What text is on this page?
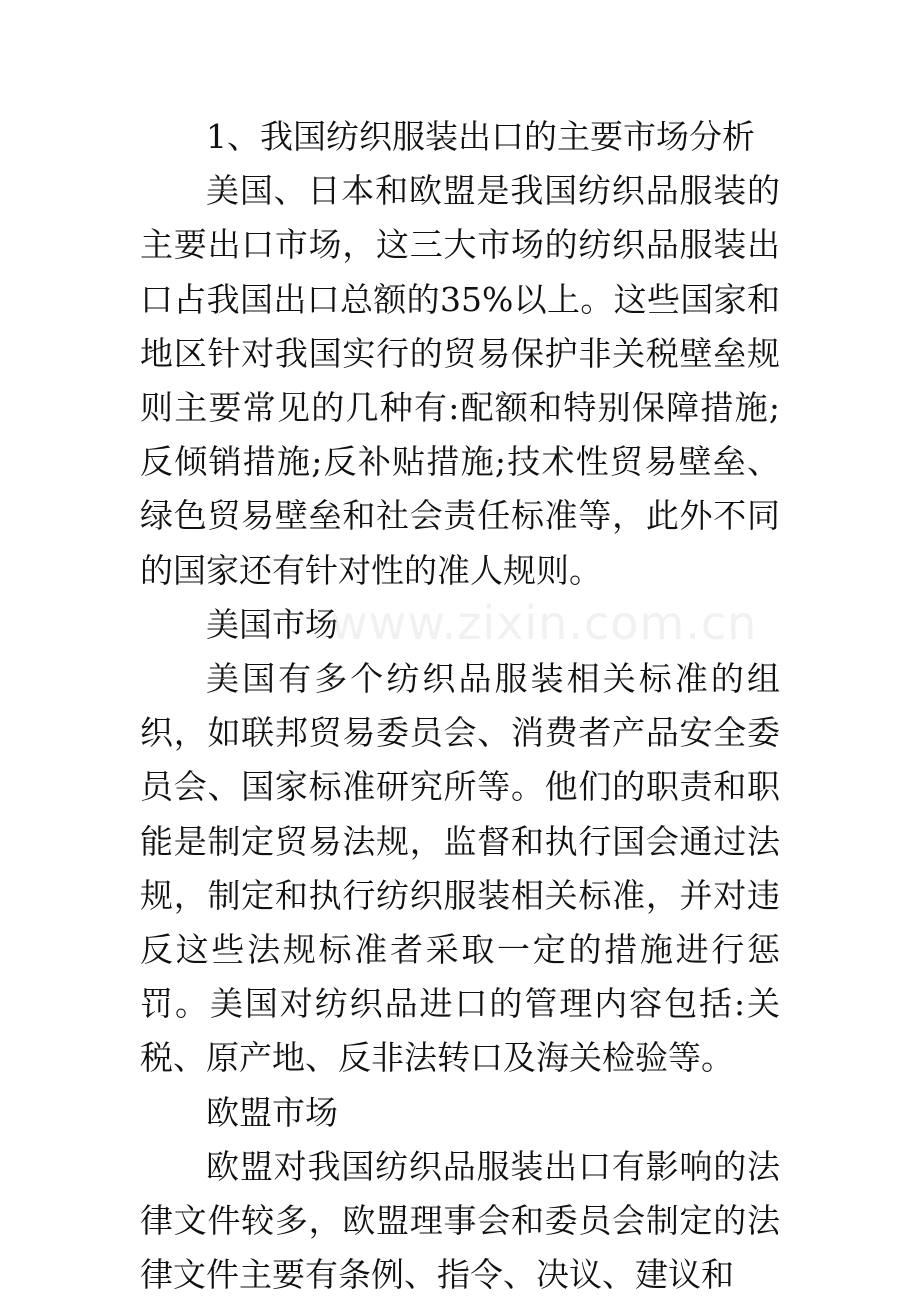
1、我国纺织服装出口的主要市场分析

美国、日本和欧盟是我国纺织品服装的主要出口市场，这三大市场的纺织品服装出口占我国出口总额的35%以上。这些国家和地区针对我国实行的贸易保护非关税壁垒规则主要常见的几种有:配额和特别保障措施;反倾销措施;反补贴措施;技术性贸易壁垒、绿色贸易壁垒和社会责任标准等，此外不同的国家还有针对性的准人规则。

美国市场

美国有多个纺织品服装相关标准的组织，如联邦贸易委员会、消费者产品安全委员会、国家标准研究所等。他们的职责和职能是制定贸易法规，监督和执行国会通过法规，制定和执行纺织服装相关标准，并对违反这些法规标准者采取一定的措施进行惩罚。美国对纺织品进口的管理内容包括:关税、原产地、反非法转口及海关检验等。

欧盟市场

欧盟对我国纺织品服装出口有影响的法律文件较多，欧盟理事会和委员会制定的法律文件主要有条例、指令、决议、建议和

www.zixin.com.cn
